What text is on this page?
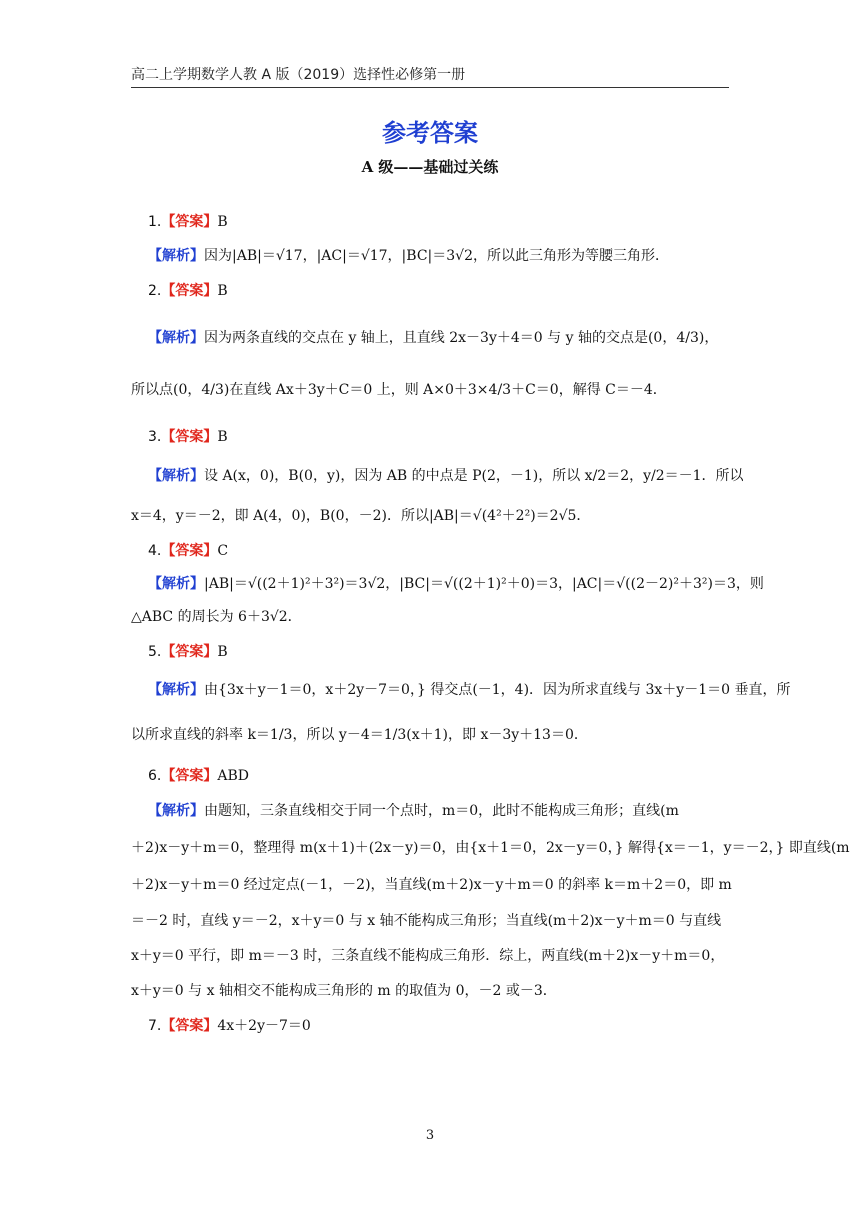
高二上学期数学人教 A 版（2019）选择性必修第一册
参考答案
A 级——基础过关练
1.【答案】B
【解析】因为|AB|＝√17，|AC|＝√17，|BC|＝3√2，所以此三角形为等腰三角形．
2.【答案】B
【解析】因为两条直线的交点在 y 轴上，且直线 2x－3y＋4＝0 与 y 轴的交点是(0，4/3)，
所以点(0，4/3)在直线 Ax＋3y＋C＝0 上，则 A×0＋3×4/3＋C＝0，解得 C＝－4．
3.【答案】B
【解析】设 A(x，0)，B(0，y)，因为 AB 的中点是 P(2，－1)，所以 x/2＝2，y/2＝－1．所以
x＝4，y＝－2，即 A(4，0)，B(0，－2)．所以|AB|＝√(4²＋2²)＝2√5．
4.【答案】C
【解析】|AB|＝√((2＋1)²＋3²)＝3√2，|BC|＝√((2＋1)²＋0)＝3，|AC|＝√((2－2)²＋3²)＝3，则
△ABC 的周长为 6＋3√2．
5.【答案】B
【解析】由{3x＋y－1＝0，x＋2y－7＝0，} 得交点(－1，4)．因为所求直线与 3x＋y－1＝0 垂直，所
以所求直线的斜率 k＝1/3，所以 y－4＝1/3(x＋1)，即 x－3y＋13＝0．
6.【答案】ABD
【解析】由题知，三条直线相交于同一个点时，m＝0，此时不能构成三角形；直线(m
＋2)x－y＋m＝0，整理得 m(x＋1)＋(2x－y)＝0，由{x＋1＝0，2x－y＝0，} 解得{x＝－1，y＝－2，} 即直线(m
＋2)x－y＋m＝0 经过定点(－1，－2)，当直线(m＋2)x－y＋m＝0 的斜率 k＝m＋2＝0，即 m
＝－2 时，直线 y＝－2，x＋y＝0 与 x 轴不能构成三角形；当直线(m＋2)x－y＋m＝0 与直线
x＋y＝0 平行，即 m＝－3 时，三条直线不能构成三角形．综上，两直线(m＋2)x－y＋m＝0，
x＋y＝0 与 x 轴相交不能构成三角形的 m 的取值为 0，－2 或－3．
7.【答案】4x＋2y－7＝0
3
